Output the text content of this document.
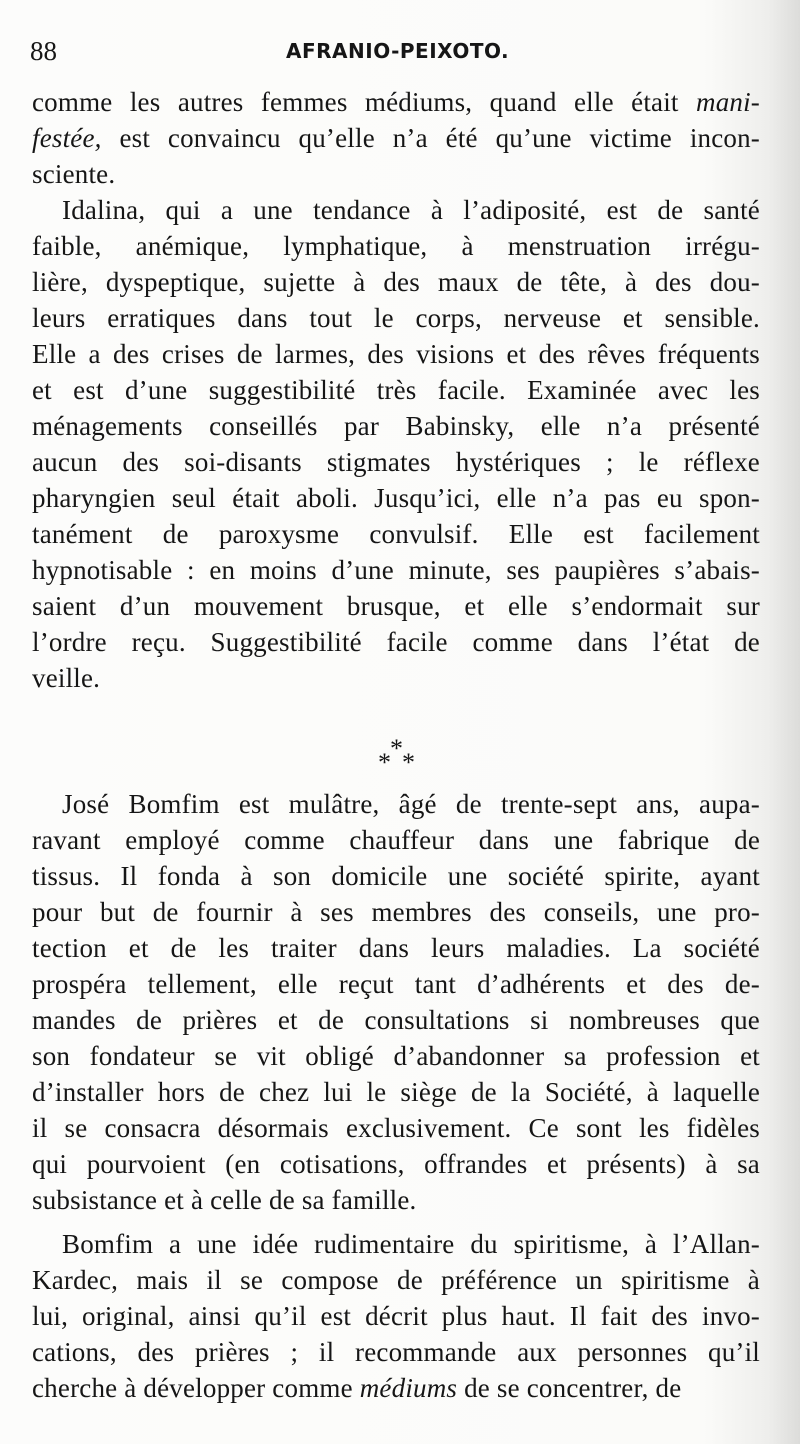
88	AFRANIO-PEIXOTO.
comme les autres femmes médiums, quand elle était mani-
festée, est convaincu qu’elle n’a été qu’une victime incon-
sciente.
Idalina, qui a une tendance à l’adiposité, est de santé
faible, anémique, lymphatique, à menstruation irrégu-
lière, dyspeptique, sujette à des maux de tête, à des dou-
leurs erratiques dans tout le corps, nerveuse et sensible.
Elle a des crises de larmes, des visions et des rêves fréquents
et est d’une suggestibilité très facile. Examinée avec les
ménagements conseillés par Babinsky, elle n’a présenté
aucun des soi-disants stigmates hystériques ; le réflexe
pharyngien seul était aboli. Jusqu’ici, elle n’a pas eu spon-
tanément de paroxysme convulsif. Elle est facilement
hypnotisable : en moins d’une minute, ses paupières s’abais-
saient d’un mouvement brusque, et elle s’endormait sur
l’ordre reçu. Suggestibilité facile comme dans l’état de
veille.
José Bomfim est mulâtre, âgé de trente-sept ans, aupa-
ravant employé comme chauffeur dans une fabrique de
tissus. Il fonda à son domicile une société spirite, ayant
pour but de fournir à ses membres des conseils, une pro-
tection et de les traiter dans leurs maladies. La société
prospéra tellement, elle reçut tant d’adhérents et des de-
mandes de prières et de consultations si nombreuses que
son fondateur se vit obligé d’abandonner sa profession et
d’installer hors de chez lui le siège de la Société, à laquelle
il se consacra désormais exclusivement. Ce sont les fidèles
qui pourvoient (en cotisations, offrandes et présents) à sa
subsistance et à celle de sa famille.
Bomfim a une idée rudimentaire du spiritisme, à l’Allan-
Kardec, mais il se compose de préférence un spiritisme à
lui, original, ainsi qu’il est décrit plus haut. Il fait des invo-
cations, des prières ; il recommande aux personnes qu’il
cherche à développer comme médiums de se concentrer, de
*
* *
